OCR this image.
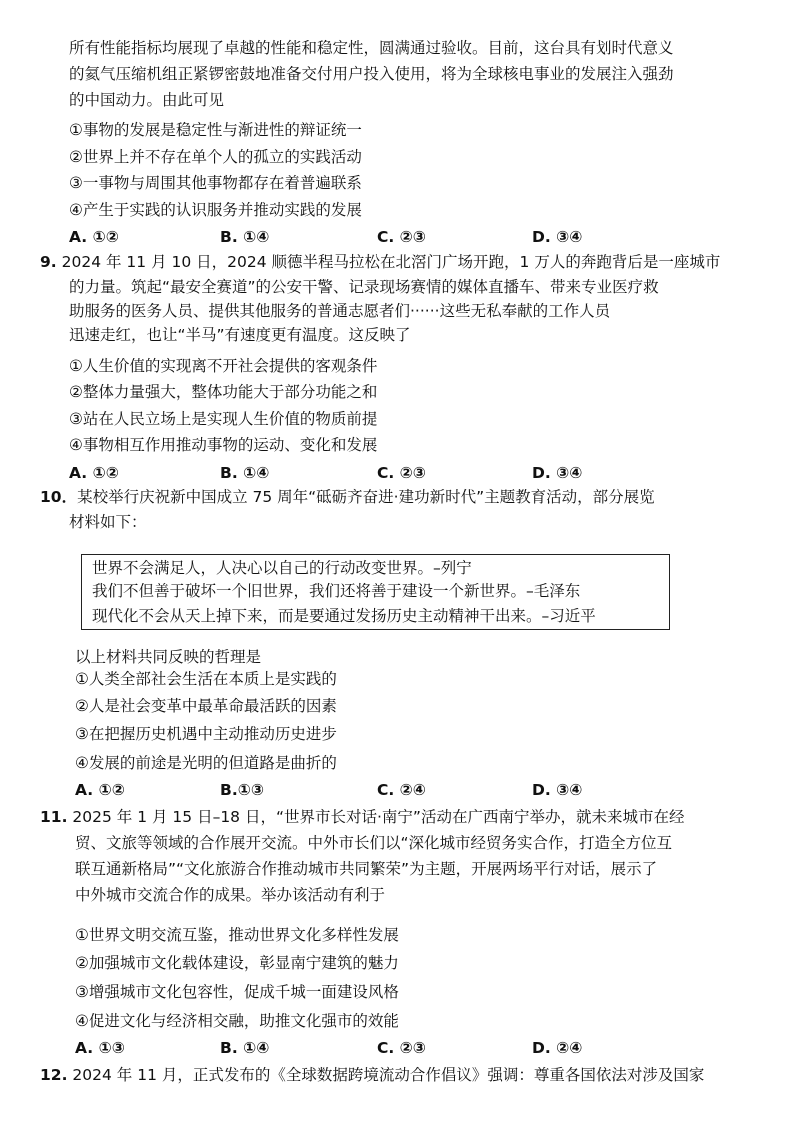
所有性能指标均展现了卓越的性能和稳定性，圆满通过验收。目前，这台具有划时代意义
的氦气压缩机组正紧锣密鼓地准备交付用户投入使用，将为全球核电事业的发展注入强劲
的中国动力。由此可见
①事物的发展是稳定性与渐进性的辩证统一
②世界上并不存在单个人的孤立的实践活动
③一事物与周围其他事物都存在着普遍联系
④产生于实践的认识服务并推动实践的发展
A. ①②	B. ①④	C. ②③	D. ③④
9. 2024 年 11 月 10 日，2024 顺德半程马拉松在北滘门广场开跑，1 万人的奔跑背后是一座城市
的力量。筑起“最安全赛道”的公安干警、记录现场赛情的媒体直播车、带来专业医疗救
助服务的医务人员、提供其他服务的普通志愿者们······这些无私奉献的工作人员
迅速走红，也让“半马”有速度更有温度。这反映了
①人生价值的实现离不开社会提供的客观条件
②整体力量强大，整体功能大于部分功能之和
③站在人民立场上是实现人生价值的物质前提
④事物相互作用推动事物的运动、变化和发展
A. ①②	B. ①④	C. ②③	D. ③④
10．某校举行庆祝新中国成立 75 周年“砥砺齐奋进·建功新时代”主题教育活动，部分展览
材料如下：
世界不会满足人，人决心以自己的行动改变世界。–列宁
我们不但善于破坏一个旧世界，我们还将善于建设一个新世界。–毛泽东
现代化不会从天上掉下来，而是要通过发扬历史主动精神干出来。–习近平
以上材料共同反映的哲理是
①人类全部社会生活在本质上是实践的
②人是社会变革中最革命最活跃的因素
③在把握历史机遇中主动推动历史进步
④发展的前途是光明的但道路是曲折的
A. ①②	B.①③	C. ②④	D. ③④
11. 2025 年 1 月 15 日–18 日，“世界市长对话·南宁”活动在广西南宁举办，就未来城市在经
贸、文旅等领域的合作展开交流。中外市长们以“深化城市经贸务实合作，打造全方位互
联互通新格局”“文化旅游合作推动城市共同繁荣”为主题，开展两场平行对话，展示了
中外城市交流合作的成果。举办该活动有利于
①世界文明交流互鉴，推动世界文化多样性发展
②加强城市文化载体建设，彰显南宁建筑的魅力
③增强城市文化包容性，促成千城一面建设风格
④促进文化与经济相交融，助推文化强市的效能
A. ①③	B. ①④	C. ②③	D. ②④
12. 2024 年 11 月，正式发布的《全球数据跨境流动合作倡议》强调：尊重各国依法对涉及国家
